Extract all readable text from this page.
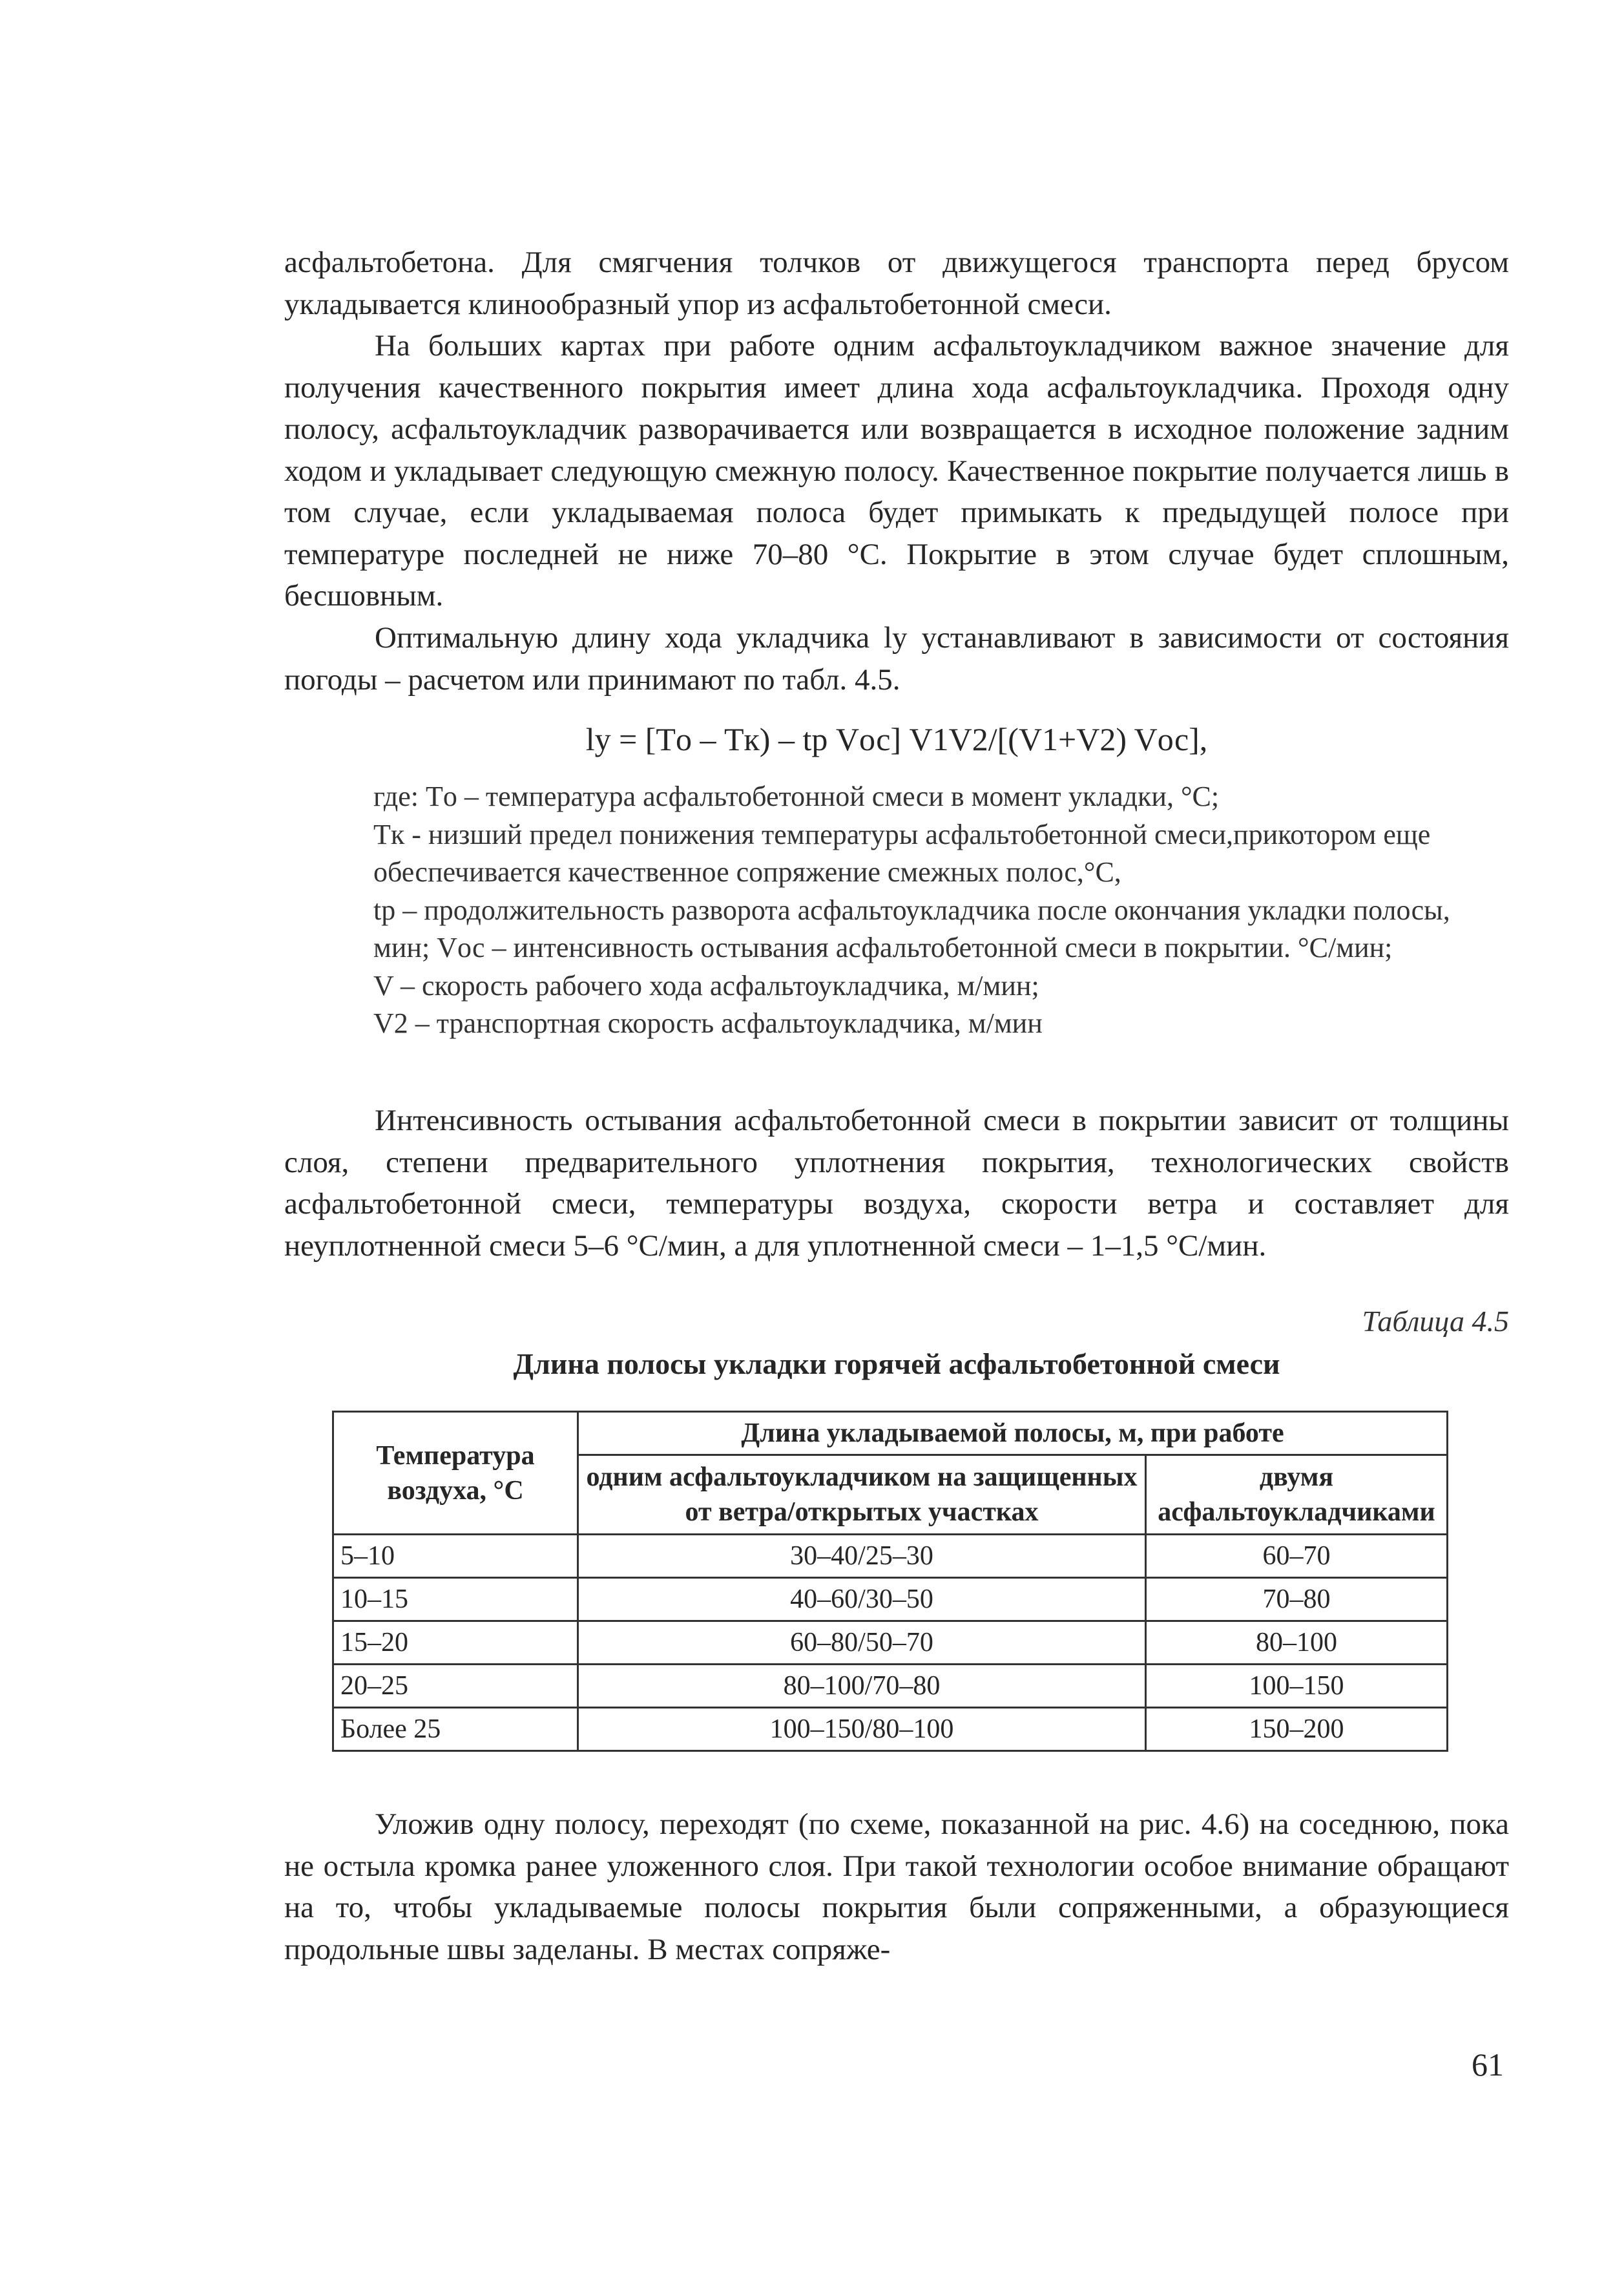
асфальтобетона. Для смягчения толчков от движущегося транспорта перед брусом укладывается клинообразный упор из асфальтобетонной смеси.

На больших картах при работе одним асфальтоукладчиком важное значение для получения качественного покрытия имеет длина хода асфальтоукладчика. Проходя одну полосу, асфальтоукладчик разворачивается или возвращается в исходное положение задним ходом и укладывает следующую смежную полосу. Качественное покрытие получается лишь в том случае, если укладываемая полоса будет примыкать к предыдущей полосе при температуре последней не ниже 70–80 °С. Покрытие в этом случае будет сплошным, бесшовным.

Оптимальную длину хода укладчика lу устанавливают в зависимости от состояния погоды – расчетом или принимают по табл. 4.5.

lу = [Tо – Tк) – tр Vос] V1V2/[(V1+V2) Vос],

где: Tо – температура асфальтобетонной смеси в момент укладки, °С;
Tк - низший предел понижения температуры асфальтобетонной смеси,прикотором еще обеспечивается качественное сопряжение смежных полос,°С,
tр – продолжительность разворота асфальтоукладчика после окончания укладки полосы, мин; Vос – интенсивность остывания асфальтобетонной смеси в покрытии. °С/мин;
V – скорость рабочего хода асфальтоукладчика, м/мин;
V2 – транспортная скорость асфальтоукладчика, м/мин

Интенсивность остывания асфальтобетонной смеси в покрытии зависит от толщины слоя, степени предварительного уплотнения покрытия, технологических свойств асфальтобетонной смеси, температуры воздуха, скорости ветра и составляет для неуплотненной смеси 5–6 °С/мин, а для уплотненной смеси – 1–1,5 °С/мин.

Таблица 4.5

Длина полосы укладки горячей асфальтобетонной смеси

Температура воздуха, °С	Длина укладываемой полосы, м, при работе	
	одним асфальтоукладчиком на защищенных от ветра/открытых участках	двумя асфальтоукладчиками
5–10	30–40/25–30	60–70
10–15	40–60/30–50	70–80
15–20	60–80/50–70	80–100
20–25	80–100/70–80	100–150
Более 25	100–150/80–100	150–200

Уложив одну полосу, переходят (по схеме, показанной на рис. 4.6) на соседнюю, пока не остыла кромка ранее уложенного слоя. При такой технологии особое внимание обращают на то, чтобы укладываемые полосы покрытия были сопряженными, а образующиеся продольные швы заделаны. В местах сопряже-

61
